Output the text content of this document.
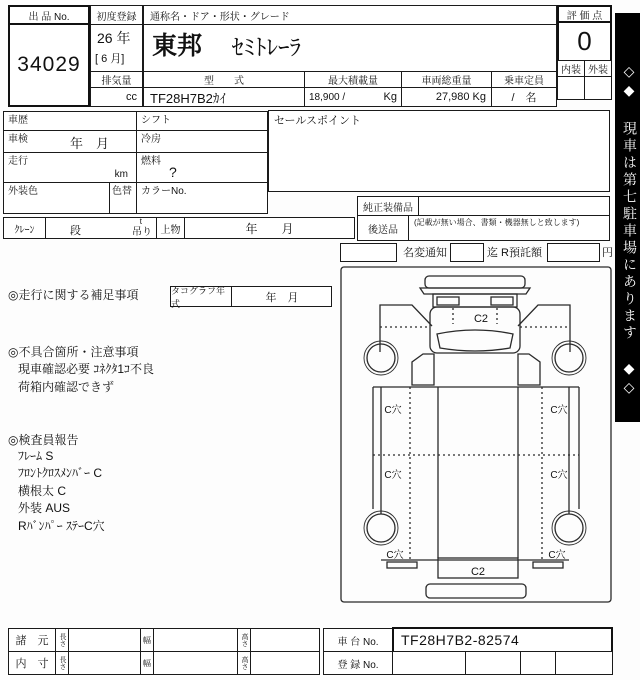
出 品 No.
34029
初度登録
26 年
[ 6 月]
通称名・ドア・形状・グレード
東邦 ｾﾐﾄﾚｰﾗ
排気量	型　　式	最大積載量	車両総重量	乗車定員
cc TF28H7B2ｶｲ	18,900 /	Kg	27,980 Kg /　名
評 価 点
0
内装 外装 ◇◆ 現車は第七駐車場にあります ◆◇
車歴	シフト
車検	年　月	冷房
走行
km
燃料
?
外装色	色替 カラーNo.
ｸﾚｰﾝ	段
t
吊り 上物	年　　月
セールスポイント
純正装備品
後送品
(記載が無い場合、書類・機器無しと致します)
名変通知	迄 R預託額	円
◎走行に関する補足事項	タコグラフ年式	年　月
◎不具合箇所・注意事項
現車確認必要 ｺﾈｸﾀ1ｺ不良
荷箱内確認できず
◎検査員報告
ﾌﾚｰﾑ S
ﾌﾛﾝﾄｸﾛｽﾒﾝﾊﾞｰ C
横根太 C
外装 AUS
Rﾊﾞﾝﾊﾟｰ ｽﾃｰC穴
C2
C穴	C穴
C穴	C穴
C穴	C穴
C2
諸　元 長さ	幅	高さ
内　寸 長さ	幅	高さ
車 台 No. TF28H7B2-82574
登 録 No.
